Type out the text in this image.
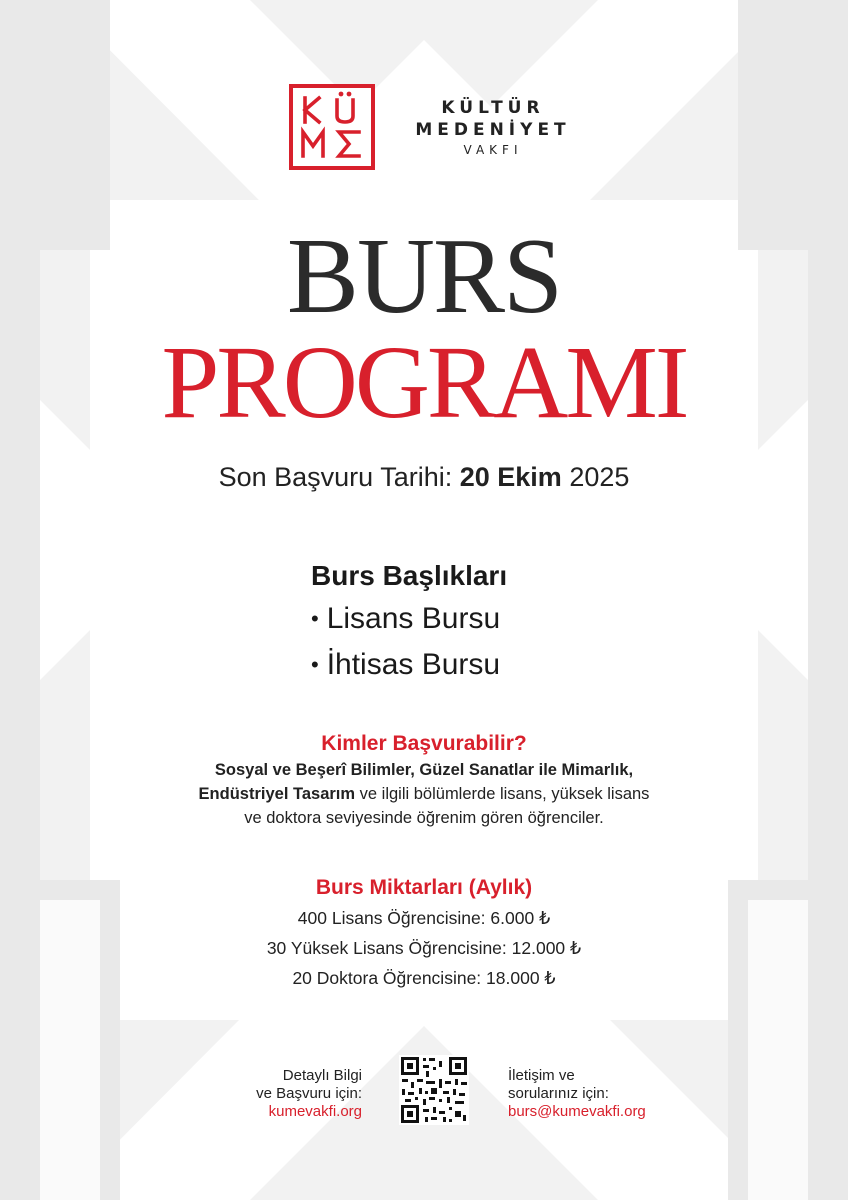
KÜLTÜR
MEDENİYET
VAKFI
BURS
PROGRAMI
Son Başvuru Tarihi: 20 Ekim 2025
Burs Başlıkları
• Lisans Bursu
• İhtisas Bursu
Kimler Başvurabilir?
Sosyal ve Beşerî Bilimler, Güzel Sanatlar ile Mimarlık,
Endüstriyel Tasarım ve ilgili bölümlerde lisans, yüksek lisans
ve doktora seviyesinde öğrenim gören öğrenciler.
Burs Miktarları (Aylık)
400 Lisans Öğrencisine: 6.000 ₺
30 Yüksek Lisans Öğrencisine: 12.000 ₺
20 Doktora Öğrencisine: 18.000 ₺
Detaylı Bilgi
ve Başvuru için:
kumevakfi.org
İletişim ve
sorularınız için:
burs@kumevakfi.org
